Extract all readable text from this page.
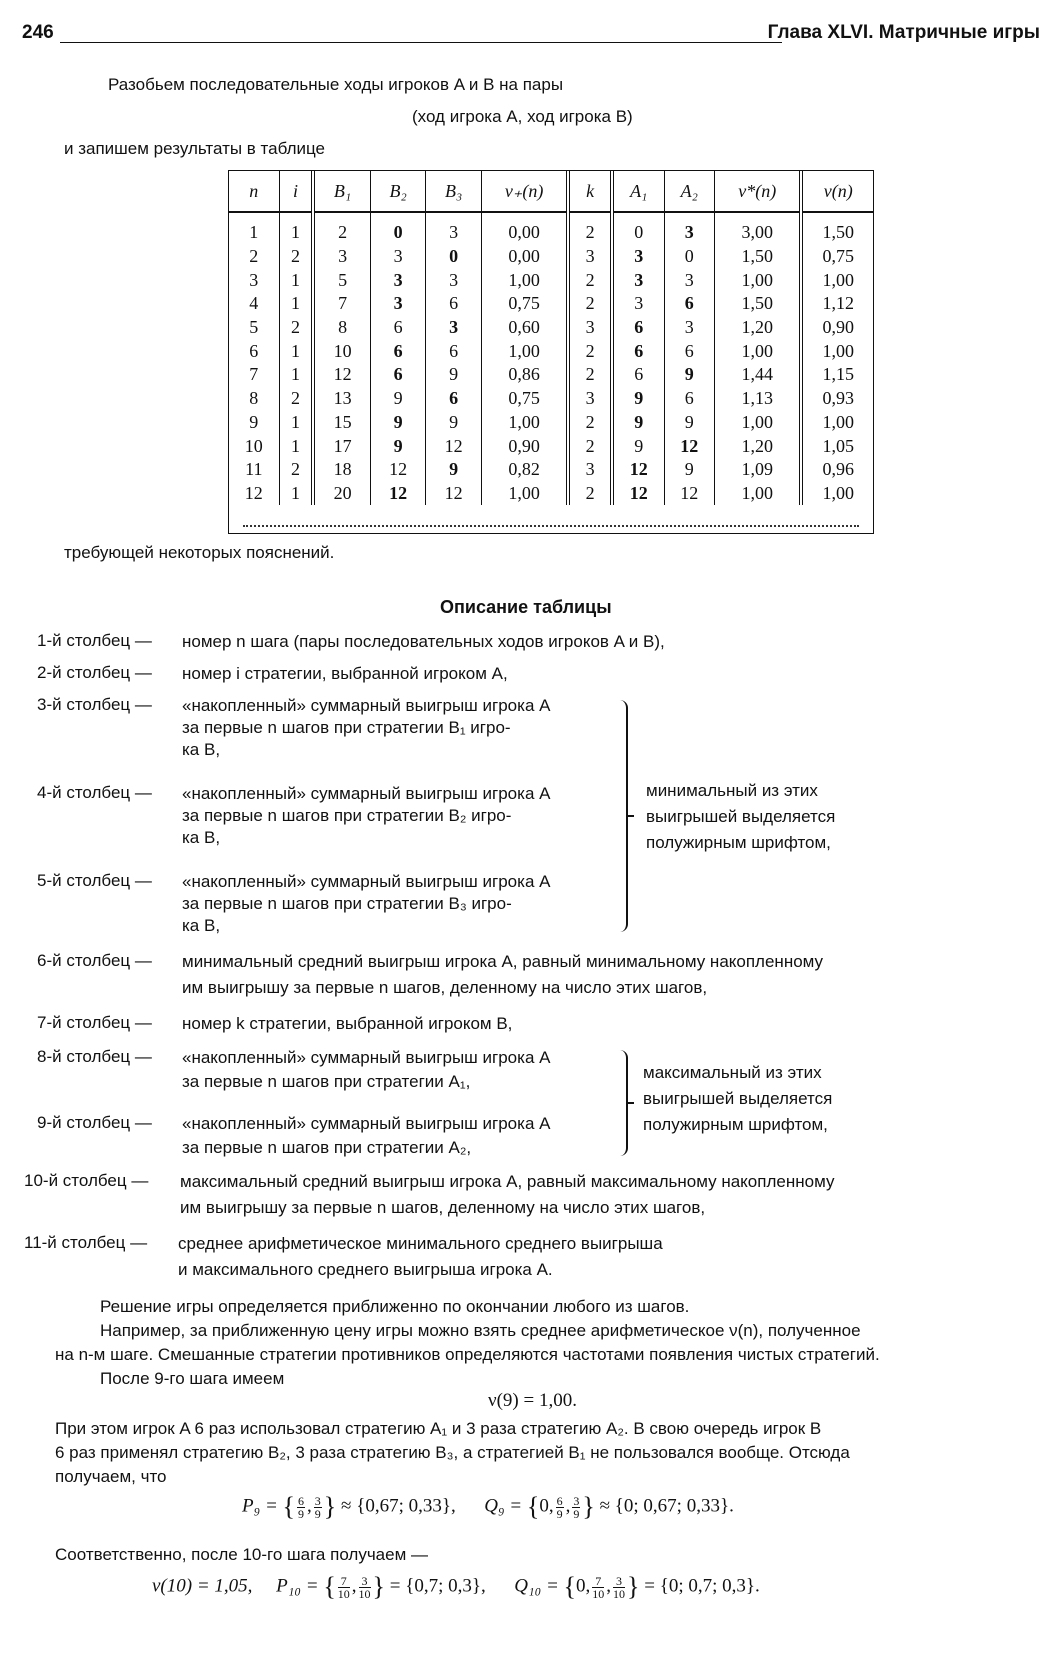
246	Глава XLVI. Матричные игры
Разобьем последовательные ходы игроков A и B на пары
(ход игрока A, ход игрока B)
и запишем результаты в таблице
n	i	B₁	B₂	B₃	ν₊(n)	k	A₁	A₂	ν*(n)	ν(n)
1	1	2	0	3	0,00	2	0	3	3,00	1,50
2	2	3	3	0	0,00	3	3	0	1,50	0,75
3	1	5	3	3	1,00	2	3	3	1,00	1,00
4	1	7	3	6	0,75	2	3	6	1,50	1,12
5	2	8	6	3	0,60	3	6	3	1,20	0,90
6	1	10	6	6	1,00	2	6	6	1,00	1,00
7	1	12	6	9	0,86	2	6	9	1,44	1,15
8	2	13	9	6	0,75	3	9	6	1,13	0,93
9	1	15	9	9	1,00	2	9	9	1,00	1,00
10	1	17	9	12	0,90	2	9	12	1,20	1,05
11	2	18	12	9	0,82	3	12	9	1,09	0,96
12	1	20	12	12	1,00	2	12	12	1,00	1,00
требующей некоторых пояснений.
Описание таблицы
1-й столбец — номер n шага (пары последовательных ходов игроков A и B),
2-й столбец — номер i стратегии, выбранной игроком A,
3-й столбец — «накопленный» суммарный выигрыш игрока A
за первые n шагов при стратегии B₁ игро-
ка B,
4-й столбец — «накопленный» суммарный выигрыш игрока A
за первые n шагов при стратегии B₂ игро-
ка B,
5-й столбец — «накопленный» суммарный выигрыш игрока A
за первые n шагов при стратегии B₃ игро-
ка B,
минимальный из этих
выигрышей выделяется
полужирным шрифтом,
6-й столбец — минимальный средний выигрыш игрока A, равный минимальному накопленному
им выигрышу за первые n шагов, деленному на число этих шагов,
7-й столбец — номер k стратегии, выбранной игроком B,
8-й столбец — «накопленный» суммарный выигрыш игрока A
за первые n шагов при стратегии A₁,
9-й столбец — «накопленный» суммарный выигрыш игрока A
за первые n шагов при стратегии A₂,
максимальный из этих
выигрышей выделяется
полужирным шрифтом,
10-й столбец — максимальный средний выигрыш игрока A, равный максимальному накопленному
им выигрышу за первые n шагов, деленному на число этих шагов,
11-й столбец — среднее арифметическое минимального среднего выигрыша
и максимального среднего выигрыша игрока A.
Решение игры определяется приближенно по окончании любого из шагов.
Например, за приближенную цену игры можно взять среднее арифметическое ν(n), полученное
на n-м шаге. Смешанные стратегии противников определяются частотами появления чистых стратегий.
После 9-го шага имеем
ν(9) = 1,00.
При этом игрок A 6 раз использовал стратегию A₁ и 3 раза стратегию A₂. В свою очередь игрок B
6 раз применял стратегию B₂, 3 раза стратегию B₃, а стратегией B₁ не пользовался вообще. Отсюда
получаем, что
P₉ = { $\frac{6}{9}$ , $\frac{3}{9}$ } ≈ {0,67; 0,33}, Q₉ = {0, $\frac{6}{9}$ , $\frac{3}{9}$ } ≈ {0; 0,67; 0,33}.
Соответственно, после 10-го шага получаем —
ν(10) = 1,05, P₁₀ = { $\frac{7}{10}$ , $\frac{3}{10}$ } = {0,7; 0,3}, Q₁₀ = {0, $\frac{7}{10}$ , $\frac{3}{10}$ } = {0; 0,7; 0,3}.
